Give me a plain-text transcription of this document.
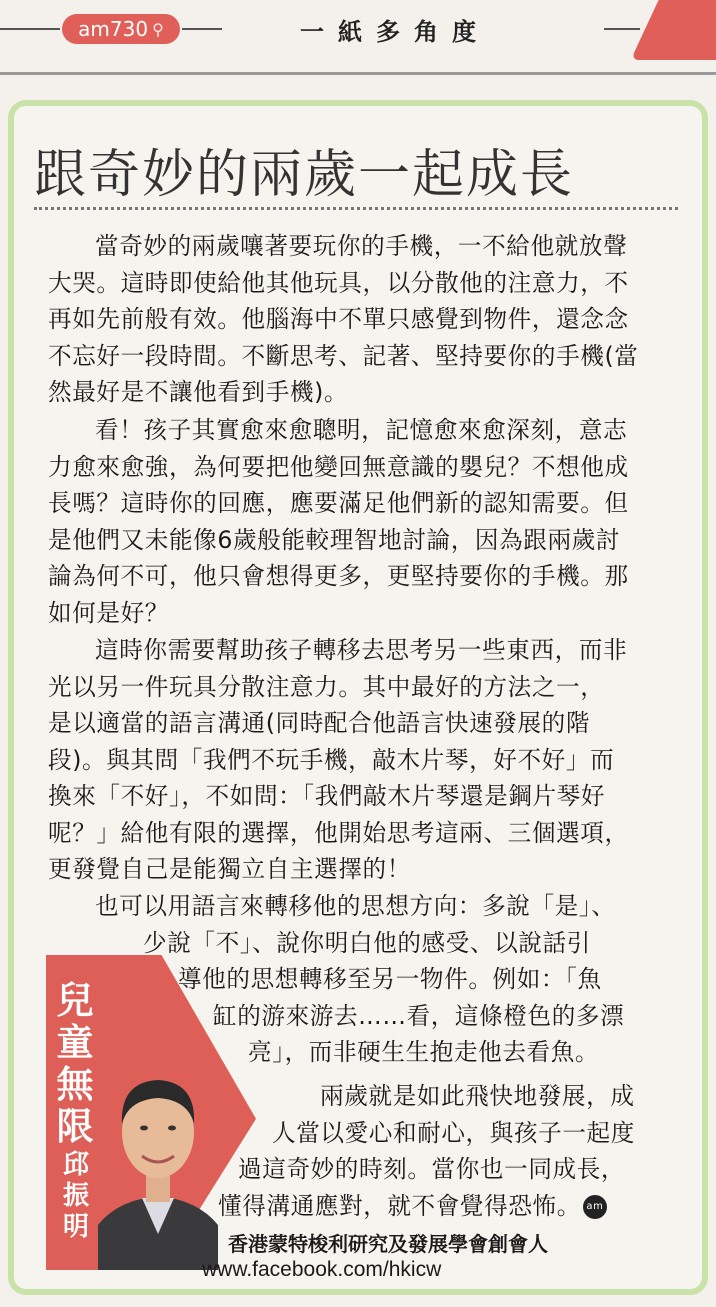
am730 ⚲	一紙多角度
跟奇妙的兩歲一起成長
當奇妙的兩歲嚷著要玩你的手機，一不給他就放聲
大哭。這時即使給他其他玩具，以分散他的注意力，不
再如先前般有效。他腦海中不單只感覺到物件，還念念
不忘好一段時間。不斷思考、記著、堅持要你的手機(當
然最好是不讓他看到手機)。
看！孩子其實愈來愈聰明，記憶愈來愈深刻，意志
力愈來愈強，為何要把他變回無意識的嬰兒？不想他成
長嗎？這時你的回應，應要滿足他們新的認知需要。但
是他們又未能像6歲般能較理智地討論，因為跟兩歲討
論為何不可，他只會想得更多，更堅持要你的手機。那
如何是好？
這時你需要幫助孩子轉移去思考另一些東西，而非
光以另一件玩具分散注意力。其中最好的方法之一，
是以適當的語言溝通(同時配合他語言快速發展的階
段)。與其問「我們不玩手機，敲木片琴，好不好」而
換來「不好」，不如問：「我們敲木片琴還是鋼片琴好
呢？」給他有限的選擇，他開始思考這兩、三個選項，
更發覺自己是能獨立自主選擇的！
也可以用語言來轉移他的思想方向：多說「是」、
少說「不」、說你明白他的感受、以說話引
導他的思想轉移至另一物件。例如：「魚
缸的游來游去……看，這條橙色的多漂
亮」，而非硬生生抱走他去看魚。
兩歲就是如此飛快地發展，成
人當以愛心和耐心，與孩子一起度
過這奇妙的時刻。當你也一同成長，
懂得溝通應對，就不會覺得恐怖。 am
兒童無限
邱振明
香港蒙特梭利研究及發展學會創會人
www.facebook.com/hkicw
